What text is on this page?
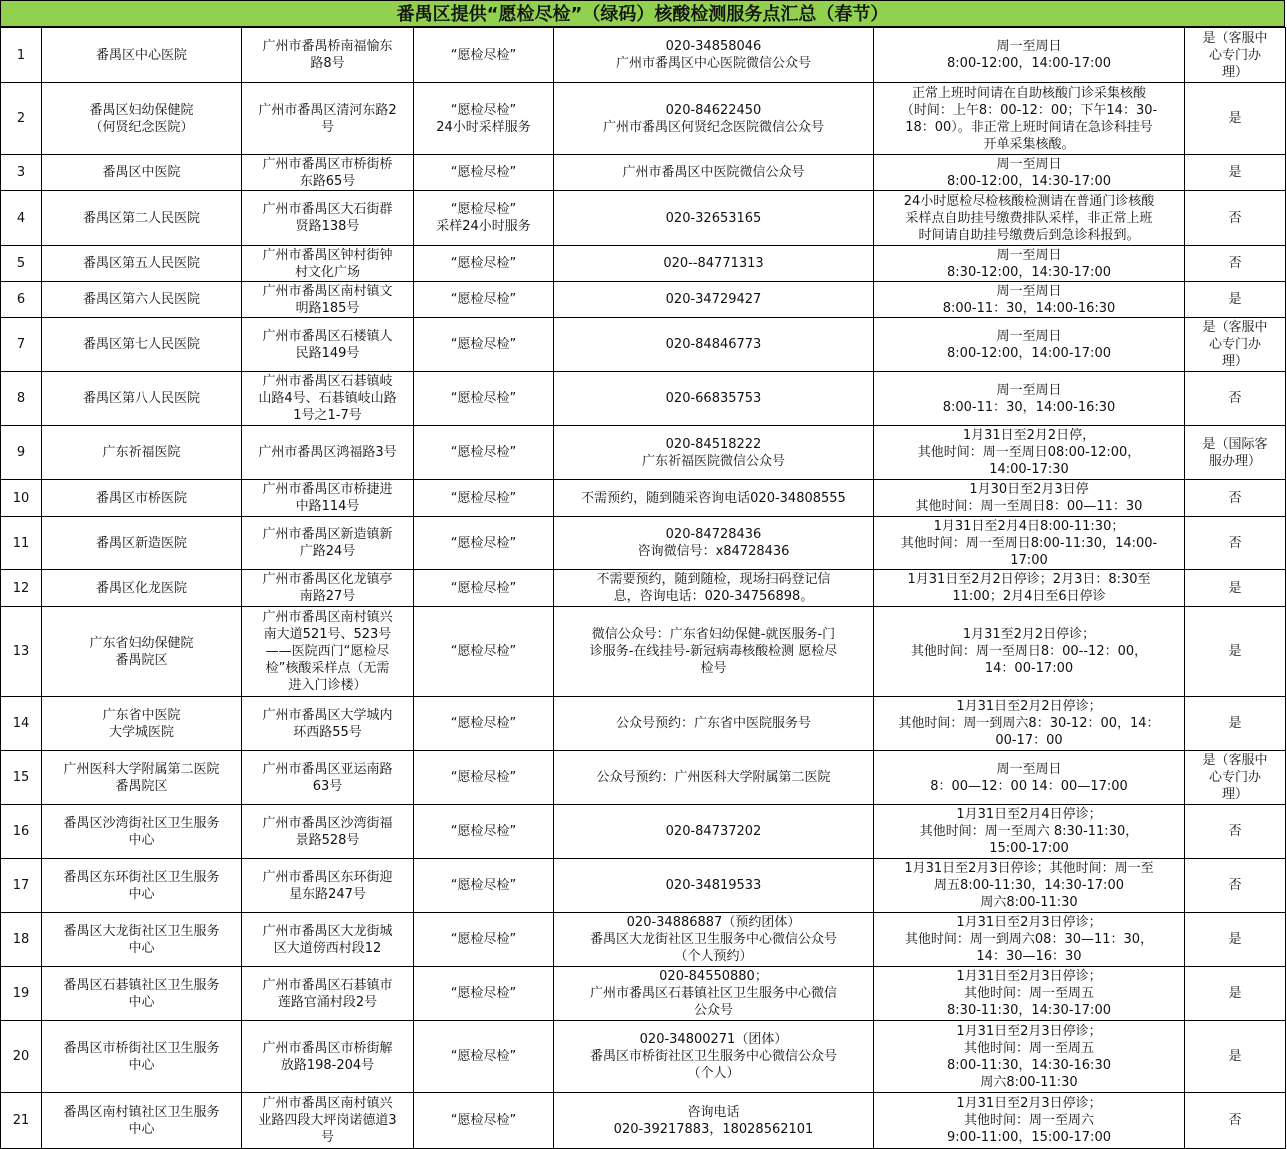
番禺区提供“愿检尽检”（绿码）核酸检测服务点汇总（春节）
1	番禺区中心医院	广州市番禺桥南福愉东
路8号	“愿检尽检”	020-34858046
广州市番禺区中心医院微信公众号	周一至周日
8:00-12:00，14:00-17:00	是（客服中
心专门办
理）
2	番禺区妇幼保健院
（何贤纪念医院）	广州市番禺区清河东路2
号	“愿检尽检”
24小时采样服务	020-84622450
广州市番禺区何贤纪念医院微信公众号	正常上班时间请在自助核酸门诊采集核酸
（时间：上午8：00-12：00；下午14：30-
18：00）。非正常上班时间请在急诊科挂号
开单采集核酸。	是
3	番禺区中医院	广州市番禺区市桥街桥
东路65号	“愿检尽检”	广州市番禺区中医院微信公众号	周一至周日
8:00-12:00，14:30-17:00	是
4	番禺区第二人民医院	广州市番禺区大石街群
贤路138号	“愿检尽检”
采样24小时服务	020-32653165	24小时愿检尽检核酸检测请在普通门诊核酸
采样点自助挂号缴费排队采样，非正常上班
时间请自助挂号缴费后到急诊科报到。	否
5	番禺区第五人民医院	广州市番禺区钟村街钟
村文化广场	“愿检尽检”	020--84771313	周一至周日
8:30-12:00，14:30-17:00	否
6	番禺区第六人民医院	广州市番禺区南村镇文
明路185号	“愿检尽检”	020-34729427	周一至周日
8:00-11：30，14:00-16:30	是
7	番禺区第七人民医院	广州市番禺区石楼镇人
民路149号	“愿检尽检”	020-84846773	周一至周日
8:00-12:00，14:00-17:00	是（客服中
心专门办
理）
8	番禺区第八人民医院	广州市番禺区石碁镇岐
山路4号、石碁镇岐山路
1号之1-7号	“愿检尽检”	020-66835753	周一至周日
8:00-11：30，14:00-16:30	否
9	广东祈福医院	广州市番禺区鸿福路3号	“愿检尽检”	020-84518222
广东祈福医院微信公众号	1月31日至2月2日停，
其他时间：周一至周日08:00-12:00，
14:00-17:30	是（国际客
服办理）
10	番禺区市桥医院	广州市番禺区市桥捷进
中路114号	“愿检尽检”	不需预约，随到随采咨询电话020-34808555	1月30日至2月3日停
其他时间：周一至周日8：00—11：30	否
11	番禺区新造医院	广州市番禺区新造镇新
广路24号	“愿检尽检”	020-84728436
咨询微信号：x84728436	1月31日至2月4日8:00-11:30；
其他时间：周一至周日8:00-11:30，14:00-
17:00	否
12	番禺区化龙医院	广州市番禺区化龙镇亭
南路27号	“愿检尽检”	不需要预约，随到随检，现场扫码登记信
息，咨询电话：020-34756898。	1月31日至2月2日停诊；2月3日：8:30至
11:00；2月4日至6日停诊	是
13	广东省妇幼保健院
番禺院区	广州市番禺区南村镇兴
南大道521号、523号
——医院西门“愿检尽
检”核酸采样点（无需
进入门诊楼）	“愿检尽检”	微信公众号：广东省妇幼保健-就医服务-门
诊服务-在线挂号-新冠病毒核酸检测 愿检尽
检号	1月31至2月2日停诊；
其他时间：周一至周日8：00--12：00，
14：00-17:00	是
14	广东省中医院
大学城医院	广州市番禺区大学城内
环西路55号	“愿检尽检”	公众号预约：广东省中医院服务号	1月31日至2月2日停诊；
其他时间：周一到周六8：30-12：00，14：
00-17：00	是
15	广州医科大学附属第二医院
番禺院区	广州市番禺区亚运南路
63号	“愿检尽检”	公众号预约：广州医科大学附属第二医院	周一至周日
8：00—12：00 14：00—17:00	是（客服中
心专门办
理）
16	番禺区沙湾街社区卫生服务
中心	广州市番禺区沙湾街福
景路528号	“愿检尽检”	020-84737202	1月31日至2月4日停诊；
其他时间：周一至周六 8:30-11:30，
15:00-17:00	否
17	番禺区东环街社区卫生服务
中心	广州市番禺区东环街迎
星东路247号	“愿检尽检”	020-34819533	1月31日至2月3日停诊；其他时间：周一至
周五8:00-11:30，14:30-17:00
周六8:00-11:30	否
18	番禺区大龙街社区卫生服务
中心	广州市番禺区大龙街城
区大道傍西村段12	“愿检尽检”	020-34886887（预约团体）
番禺区大龙街社区卫生服务中心微信公众号
（个人预约）	1月31日至2月3日停诊；
其他时间：周一到周六08：30—11：30，
14：30—16：30	是
19	番禺区石碁镇社区卫生服务
中心	广州市番禺区石碁镇市
莲路官涌村段2号	“愿检尽检”	020-84550880；
广州市番禺区石碁镇社区卫生服务中心微信
公众号	1月31日至2月3日停诊；
其他时间：周一至周五
8:30-11:30，14:30-17:00	是
20	番禺区市桥街社区卫生服务
中心	广州市番禺区市桥街解
放路198-204号	“愿检尽检”	020-34800271（团体）
番禺区市桥街社区卫生服务中心微信公众号
（个人）	1月31日至2月3日停诊；
其他时间：周一至周五
8:00-11:30，14:30-16:30
周六8:00-11:30	是
21	番禺区南村镇社区卫生服务
中心	广州市番禺区南村镇兴
业路四段大坪岗诺德道3
号	“愿检尽检”	咨询电话
020-39217883，18028562101	1月31日至2月3日停诊；
其他时间：周一至周六
9:00-11:00，15:00-17:00	否
